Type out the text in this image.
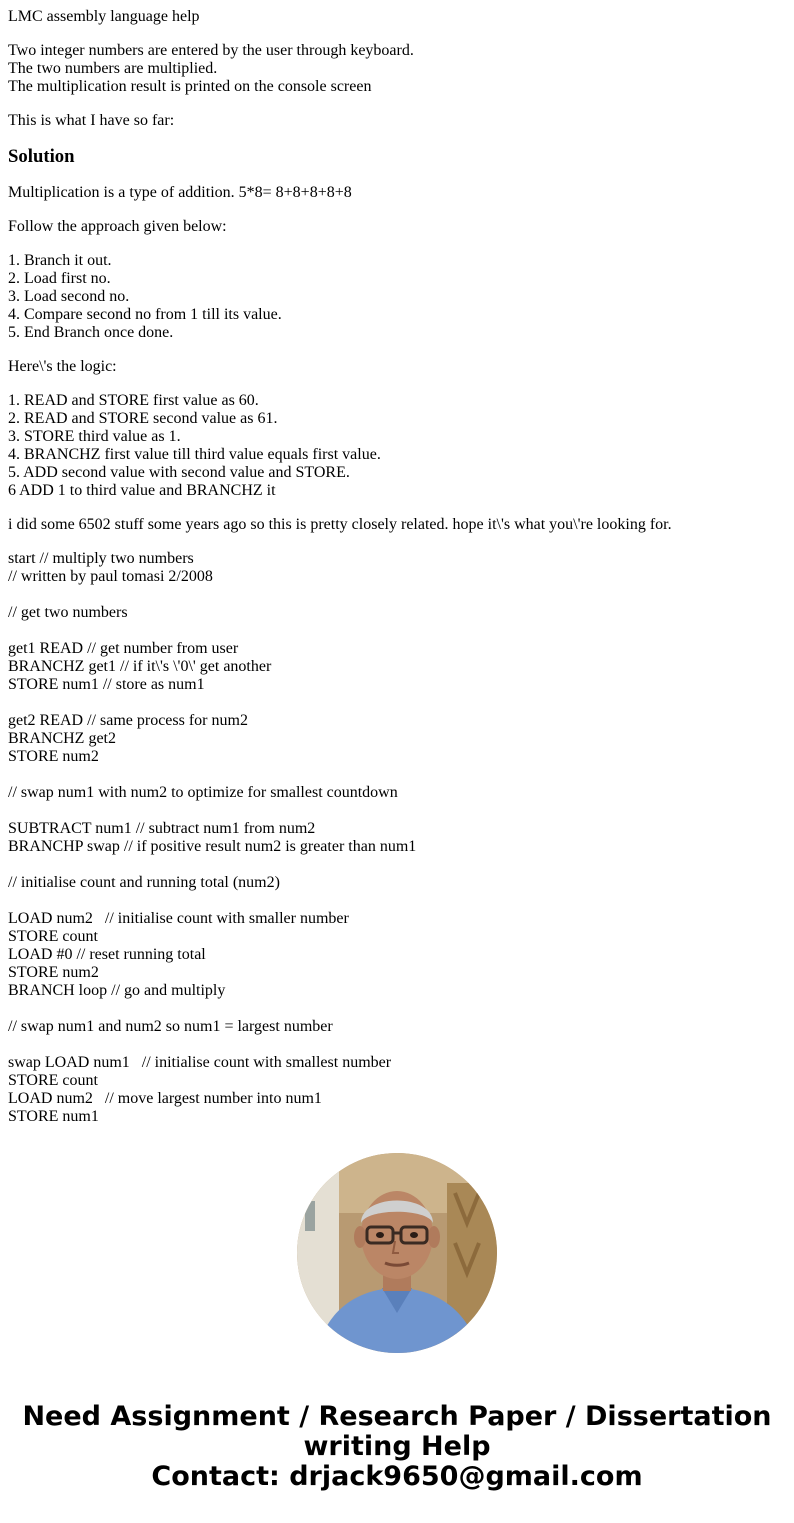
LMC assembly language help

Two integer numbers are entered by the user through keyboard.
The two numbers are multiplied.
The multiplication result is printed on the console screen

This is what I have so far:

Solution

Multiplication is a type of addition. 5*8= 8+8+8+8+8

Follow the approach given below:

1. Branch it out.
2. Load first no.
3. Load second no.
4. Compare second no from 1 till its value.
5. End Branch once done.

Here\'s the logic:

1. READ and STORE first value as 60.
2. READ and STORE second value as 61.
3. STORE third value as 1.
4. BRANCHZ first value till third value equals first value.
5. ADD second value with second value and STORE.
6 ADD 1 to third value and BRANCHZ it

i did some 6502 stuff some years ago so this is pretty closely related. hope it\'s what you\'re looking for.

start // multiply two numbers
// written by paul tomasi 2/2008
// get two numbers
get1 READ // get number from user
BRANCHZ get1 // if it\'s \'0\' get another
STORE num1 // store as num1
get2 READ // same process for num2
BRANCHZ get2
STORE num2
// swap num1 with num2 to optimize for smallest countdown
SUBTRACT num1 // subtract num1 from num2
BRANCHP swap // if positive result num2 is greater than num1
// initialise count and running total (num2)
LOAD num2   // initialise count with smaller number
STORE count
LOAD #0 // reset running total
STORE num2
BRANCH loop // go and multiply
// swap num1 and num2 so num1 = largest number
swap LOAD num1   // initialise count with smallest number
STORE count
LOAD num2   // move largest number into num1
STORE num1
Need Assignment / Research Paper / Dissertation
writing Help
Contact: drjack9650@gmail.com
